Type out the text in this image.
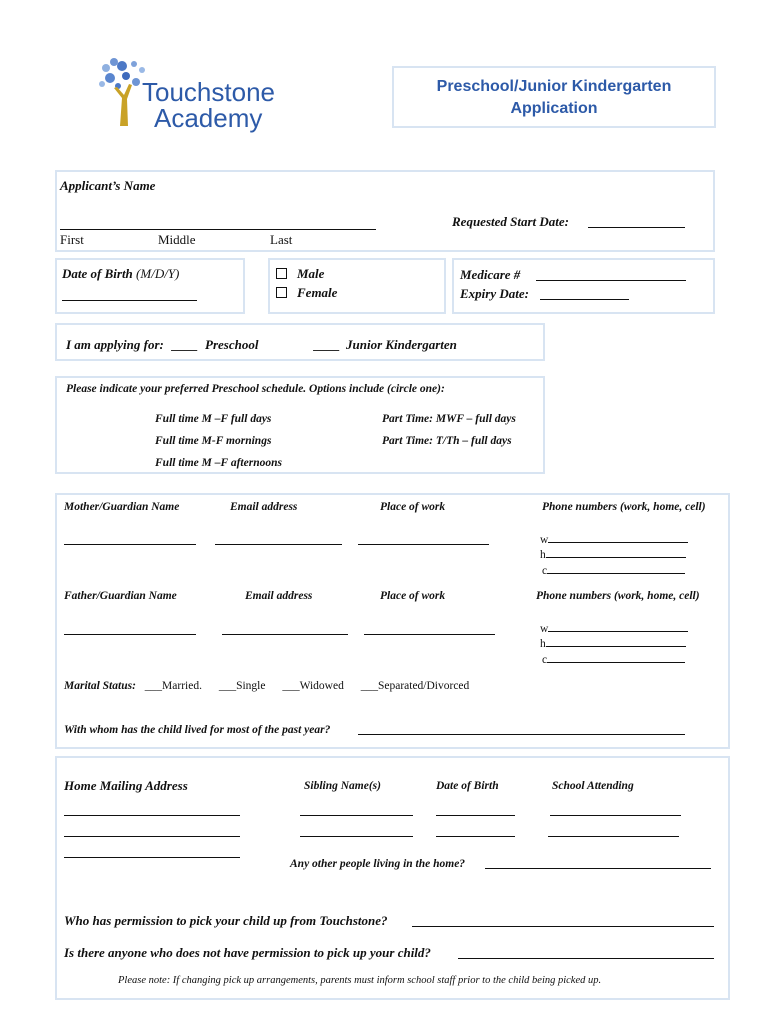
Touchstone
Academy
Preschool/Junior Kindergarten
Application
Applicant’s Name
First	Middle	Last
Requested Start Date:
Date of Birth (M/D/Y)	Male
Female
Medicare #
Expiry Date:
I am applying for: ____ Preschool	____ Junior Kindergarten
Please indicate your preferred Preschool schedule. Options include (circle one):
Full time M –F full days
Full time M-F mornings
Full time M –F afternoons
Part Time: MWF – full days
Part Time: T/Th – full days
Mother/Guardian Name	Email address	Place of work	Phone numbers (work, home, cell)
w
h
c
Father/Guardian Name	Email address	Place of work	Phone numbers (work, home, cell)
w
h
c
Marital Status: ___Married. ___Single ___Widowed ___Separated/Divorced
With whom has the child lived for most of the past year?
Home Mailing Address	Sibling Name(s)	Date of Birth	School Attending
Any other people living in the home?
Who has permission to pick your child up from Touchstone?
Is there anyone who does not have permission to pick up your child?
Please note: If changing pick up arrangements, parents must inform school staff prior to the child being picked up.
